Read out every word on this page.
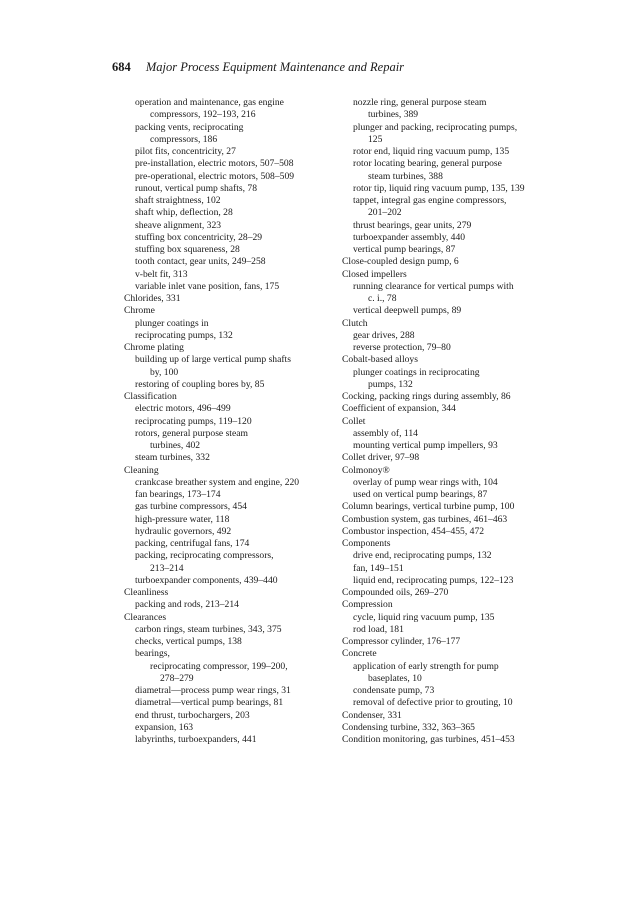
684 Major Process Equipment Maintenance and Repair
operation and maintenance, gas engine
compressors, 192–193, 216
packing vents, reciprocating
compressors, 186
pilot fits, concentricity, 27
pre-installation, electric motors, 507–508
pre-operational, electric motors, 508–509
runout, vertical pump shafts, 78
shaft straightness, 102
shaft whip, deflection, 28
sheave alignment, 323
stuffing box concentricity, 28–29
stuffing box squareness, 28
tooth contact, gear units, 249–258
v-belt fit, 313
variable inlet vane position, fans, 175
Chlorides, 331
Chrome
plunger coatings in
reciprocating pumps, 132
Chrome plating
building up of large vertical pump shafts
by, 100
restoring of coupling bores by, 85
Classification
electric motors, 496–499
reciprocating pumps, 119–120
rotors, general purpose steam
turbines, 402
steam turbines, 332
Cleaning
crankcase breather system and engine, 220
fan bearings, 173–174
gas turbine compressors, 454
high-pressure water, 118
hydraulic governors, 492
packing, centrifugal fans, 174
packing, reciprocating compressors,
213–214
turboexpander components, 439–440
Cleanliness
packing and rods, 213–214
Clearances
carbon rings, steam turbines, 343, 375
checks, vertical pumps, 138
bearings,
reciprocating compressor, 199–200,
278–279
diametral—process pump wear rings, 31
diametral—vertical pump bearings, 81
end thrust, turbochargers, 203
expansion, 163
labyrinths, turboexpanders, 441
nozzle ring, general purpose steam
turbines, 389
plunger and packing, reciprocating pumps,
125
rotor end, liquid ring vacuum pump, 135
rotor locating bearing, general purpose
steam turbines, 388
rotor tip, liquid ring vacuum pump, 135, 139
tappet, integral gas engine compressors,
201–202
thrust bearings, gear units, 279
turboexpander assembly, 440
vertical pump bearings, 87
Close-coupled design pump, 6
Closed impellers
running clearance for vertical pumps with
c. i., 78
vertical deepwell pumps, 89
Clutch
gear drives, 288
reverse protection, 79–80
Cobalt-based alloys
plunger coatings in reciprocating
pumps, 132
Cocking, packing rings during assembly, 86
Coefficient of expansion, 344
Collet
assembly of, 114
mounting vertical pump impellers, 93
Collet driver, 97–98
Colmonoy®
overlay of pump wear rings with, 104
used on vertical pump bearings, 87
Column bearings, vertical turbine pump, 100
Combustion system, gas turbines, 461–463
Combustor inspection, 454–455, 472
Components
drive end, reciprocating pumps, 132
fan, 149–151
liquid end, reciprocating pumps, 122–123
Compounded oils, 269–270
Compression
cycle, liquid ring vacuum pump, 135
rod load, 181
Compressor cylinder, 176–177
Concrete
application of early strength for pump
baseplates, 10
condensate pump, 73
removal of defective prior to grouting, 10
Condenser, 331
Condensing turbine, 332, 363–365
Condition monitoring, gas turbines, 451–453
